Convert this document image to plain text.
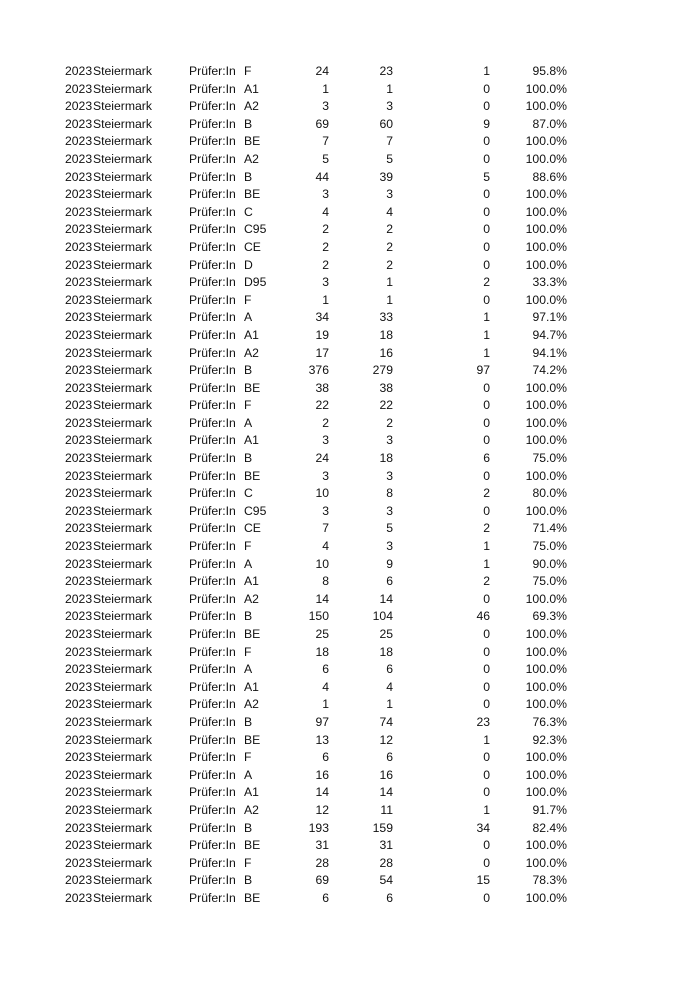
2023 Steiermark	Prüfer:In F	24	23	1	95.8%
2023 Steiermark	Prüfer:In A1	1	1	0	100.0%
2023 Steiermark	Prüfer:In A2	3	3	0	100.0%
2023 Steiermark	Prüfer:In B	69	60	9	87.0%
2023 Steiermark	Prüfer:In BE	7	7	0	100.0%
2023 Steiermark	Prüfer:In A2	5	5	0	100.0%
2023 Steiermark	Prüfer:In B	44	39	5	88.6%
2023 Steiermark	Prüfer:In BE	3	3	0	100.0%
2023 Steiermark	Prüfer:In C	4	4	0	100.0%
2023 Steiermark	Prüfer:In C95	2	2	0	100.0%
2023 Steiermark	Prüfer:In CE	2	2	0	100.0%
2023 Steiermark	Prüfer:In D	2	2	0	100.0%
2023 Steiermark	Prüfer:In D95	3	1	2	33.3%
2023 Steiermark	Prüfer:In F	1	1	0	100.0%
2023 Steiermark	Prüfer:In A	34	33	1	97.1%
2023 Steiermark	Prüfer:In A1	19	18	1	94.7%
2023 Steiermark	Prüfer:In A2	17	16	1	94.1%
2023 Steiermark	Prüfer:In B	376	279	97	74.2%
2023 Steiermark	Prüfer:In BE	38	38	0	100.0%
2023 Steiermark	Prüfer:In F	22	22	0	100.0%
2023 Steiermark	Prüfer:In A	2	2	0	100.0%
2023 Steiermark	Prüfer:In A1	3	3	0	100.0%
2023 Steiermark	Prüfer:In B	24	18	6	75.0%
2023 Steiermark	Prüfer:In BE	3	3	0	100.0%
2023 Steiermark	Prüfer:In C	10	8	2	80.0%
2023 Steiermark	Prüfer:In C95	3	3	0	100.0%
2023 Steiermark	Prüfer:In CE	7	5	2	71.4%
2023 Steiermark	Prüfer:In F	4	3	1	75.0%
2023 Steiermark	Prüfer:In A	10	9	1	90.0%
2023 Steiermark	Prüfer:In A1	8	6	2	75.0%
2023 Steiermark	Prüfer:In A2	14	14	0	100.0%
2023 Steiermark	Prüfer:In B	150	104	46	69.3%
2023 Steiermark	Prüfer:In BE	25	25	0	100.0%
2023 Steiermark	Prüfer:In F	18	18	0	100.0%
2023 Steiermark	Prüfer:In A	6	6	0	100.0%
2023 Steiermark	Prüfer:In A1	4	4	0	100.0%
2023 Steiermark	Prüfer:In A2	1	1	0	100.0%
2023 Steiermark	Prüfer:In B	97	74	23	76.3%
2023 Steiermark	Prüfer:In BE	13	12	1	92.3%
2023 Steiermark	Prüfer:In F	6	6	0	100.0%
2023 Steiermark	Prüfer:In A	16	16	0	100.0%
2023 Steiermark	Prüfer:In A1	14	14	0	100.0%
2023 Steiermark	Prüfer:In A2	12	11	1	91.7%
2023 Steiermark	Prüfer:In B	193	159	34	82.4%
2023 Steiermark	Prüfer:In BE	31	31	0	100.0%
2023 Steiermark	Prüfer:In F	28	28	0	100.0%
2023 Steiermark	Prüfer:In B	69	54	15	78.3%
2023 Steiermark	Prüfer:In BE	6	6	0	100.0%
